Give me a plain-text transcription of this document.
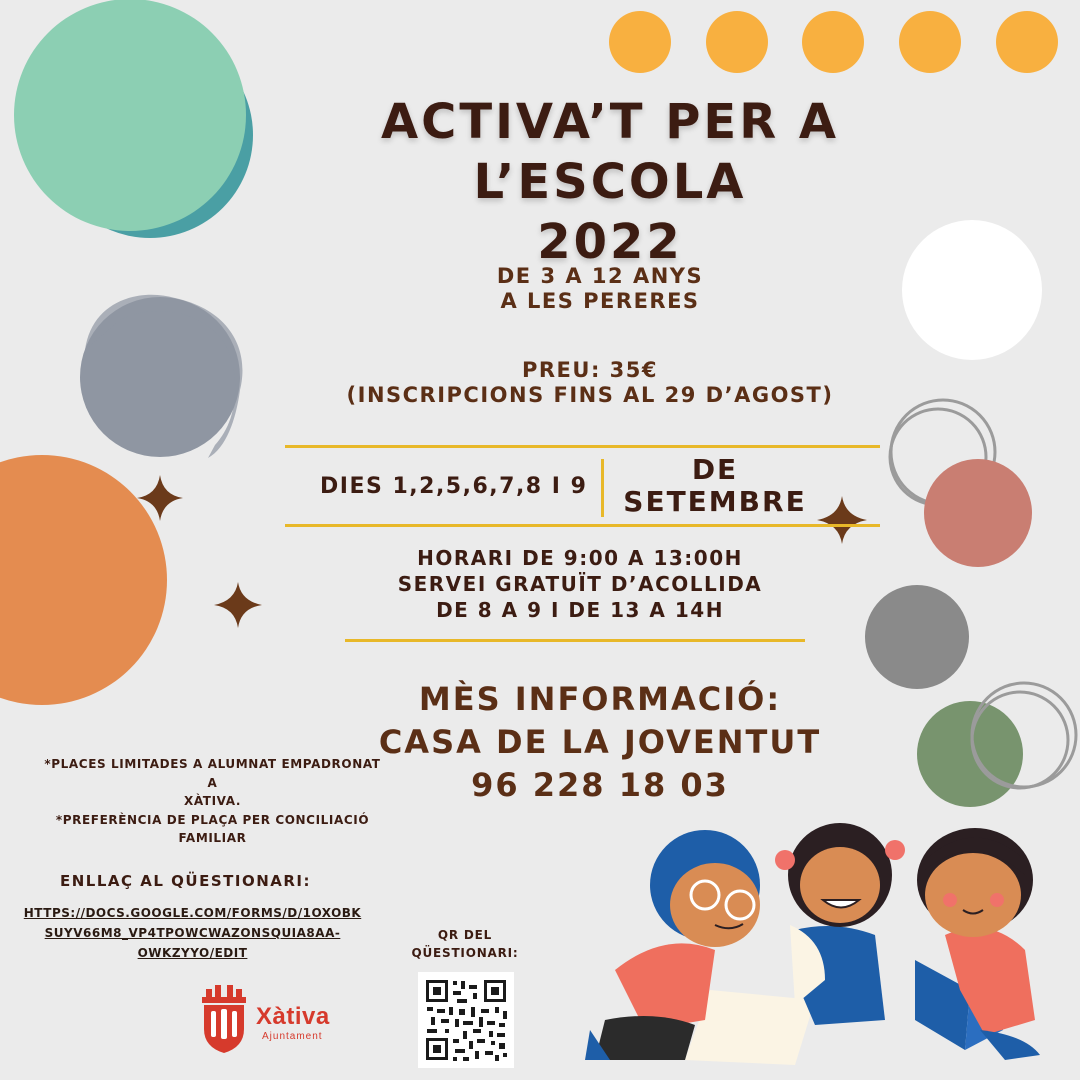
ACTIVA’T PER A L’ESCOLA
2022
DE 3 A 12 ANYS
A LES PERERES
PREU: 35€
(INSCRIPCIONS FINS AL 29 D’AGOST)
DIES 1,2,5,6,7,8 I 9
DE
SETEMBRE
HORARI DE 9:00 A 13:00H
SERVEI GRATUÏT D’ACOLLIDA
DE 8 A 9 I DE 13 A 14H
MÈS INFORMACIÓ:
CASA DE LA JOVENTUT
96 228 18 03
*PLACES LIMITADES A ALUMNAT EMPADRONAT A
XÀTIVA.
*PREFERÈNCIA DE PLAÇA PER CONCILIACIÓ
FAMILIAR
ENLLAÇ AL QÜESTIONARI:
HTTPS://DOCS.GOOGLE.COM/FORMS/D/1OXOBK
SUYV66M8_VP4TPOWCWAZONSQUIA8AA-
OWKZYYO/EDIT
QR DEL
QÜESTIONARI:
Xàtiva
Ajuntament
